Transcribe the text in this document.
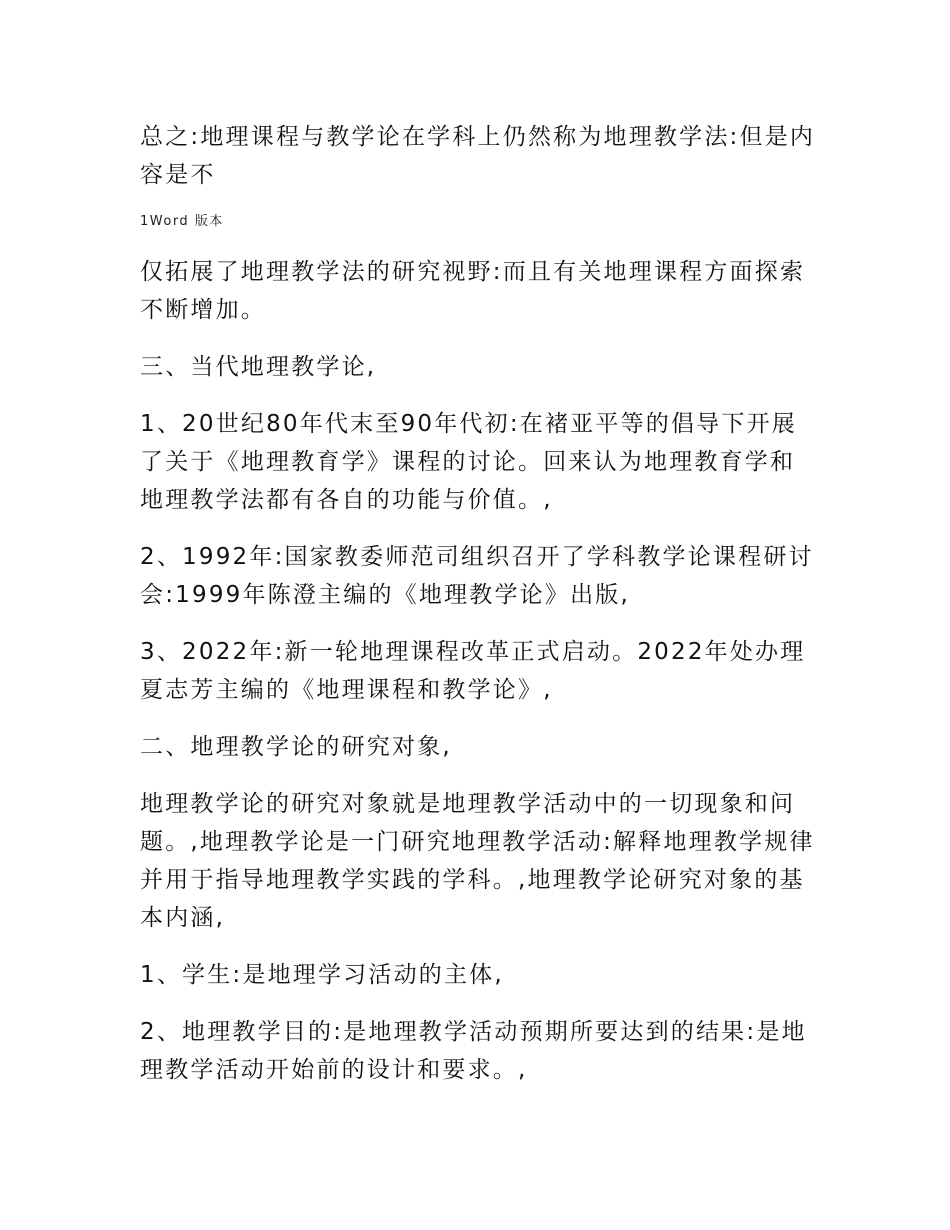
总之:地理课程与教学论在学科上仍然称为地理教学法:但是内容是不

1Word 版本

仅拓展了地理教学法的研究视野:而且有关地理课程方面探索不断增加。

三、当代地理教学论,

1、20世纪80年代末至90年代初:在褚亚平等的倡导下开展了关于《地理教育学》课程的讨论。回来认为地理教育学和地理教学法都有各自的功能与价值。,

2、1992年:国家教委师范司组织召开了学科教学论课程研讨会:1999年陈澄主编的《地理教学论》出版,

3、2022年:新一轮地理课程改革正式启动。2022年处办理夏志芳主编的《地理课程和教学论》,

二、地理教学论的研究对象,

地理教学论的研究对象就是地理教学活动中的一切现象和问题。,地理教学论是一门研究地理教学活动:解释地理教学规律并用于指导地理教学实践的学科。,地理教学论研究对象的基本内涵,

1、学生:是地理学习活动的主体,

2、地理教学目的:是地理教学活动预期所要达到的结果:是地理教学活动开始前的设计和要求。,
